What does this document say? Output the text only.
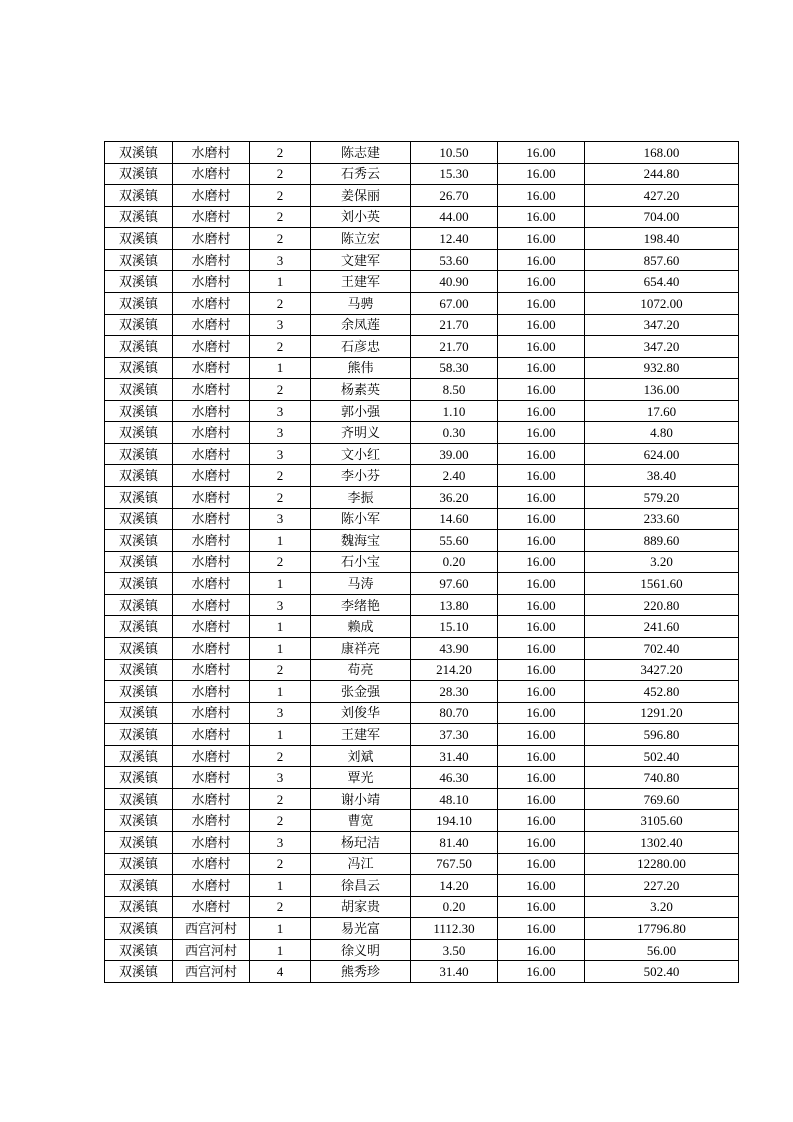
双溪镇	水磨村	2	陈志建	10.50	16.00	168.00
双溪镇	水磨村	2	石秀云	15.30	16.00	244.80
双溪镇	水磨村	2	姜保丽	26.70	16.00	427.20
双溪镇	水磨村	2	刘小英	44.00	16.00	704.00
双溪镇	水磨村	2	陈立宏	12.40	16.00	198.40
双溪镇	水磨村	3	文建军	53.60	16.00	857.60
双溪镇	水磨村	1	王建军	40.90	16.00	654.40
双溪镇	水磨村	2	马骋	67.00	16.00	1072.00
双溪镇	水磨村	3	余凤莲	21.70	16.00	347.20
双溪镇	水磨村	2	石彦忠	21.70	16.00	347.20
双溪镇	水磨村	1	熊伟	58.30	16.00	932.80
双溪镇	水磨村	2	杨素英	8.50	16.00	136.00
双溪镇	水磨村	3	郭小强	1.10	16.00	17.60
双溪镇	水磨村	3	齐明义	0.30	16.00	4.80
双溪镇	水磨村	3	文小红	39.00	16.00	624.00
双溪镇	水磨村	2	李小芬	2.40	16.00	38.40
双溪镇	水磨村	2	李振	36.20	16.00	579.20
双溪镇	水磨村	3	陈小军	14.60	16.00	233.60
双溪镇	水磨村	1	魏海宝	55.60	16.00	889.60
双溪镇	水磨村	2	石小宝	0.20	16.00	3.20
双溪镇	水磨村	1	马涛	97.60	16.00	1561.60
双溪镇	水磨村	3	李绪艳	13.80	16.00	220.80
双溪镇	水磨村	1	赖成	15.10	16.00	241.60
双溪镇	水磨村	1	康祥亮	43.90	16.00	702.40
双溪镇	水磨村	2	苟亮	214.20	16.00	3427.20
双溪镇	水磨村	1	张金强	28.30	16.00	452.80
双溪镇	水磨村	3	刘俊华	80.70	16.00	1291.20
双溪镇	水磨村	1	王建军	37.30	16.00	596.80
双溪镇	水磨村	2	刘斌	31.40	16.00	502.40
双溪镇	水磨村	3	覃光	46.30	16.00	740.80
双溪镇	水磨村	2	谢小靖	48.10	16.00	769.60
双溪镇	水磨村	2	曹宽	194.10	16.00	3105.60
双溪镇	水磨村	3	杨玘洁	81.40	16.00	1302.40
双溪镇	水磨村	2	冯江	767.50	16.00	12280.00
双溪镇	水磨村	1	徐昌云	14.20	16.00	227.20
双溪镇	水磨村	2	胡家贵	0.20	16.00	3.20
双溪镇	西宫河村	1	易光富	1112.30	16.00	17796.80
双溪镇	西宫河村	1	徐义明	3.50	16.00	56.00
双溪镇	西宫河村	4	熊秀珍	31.40	16.00	502.40
